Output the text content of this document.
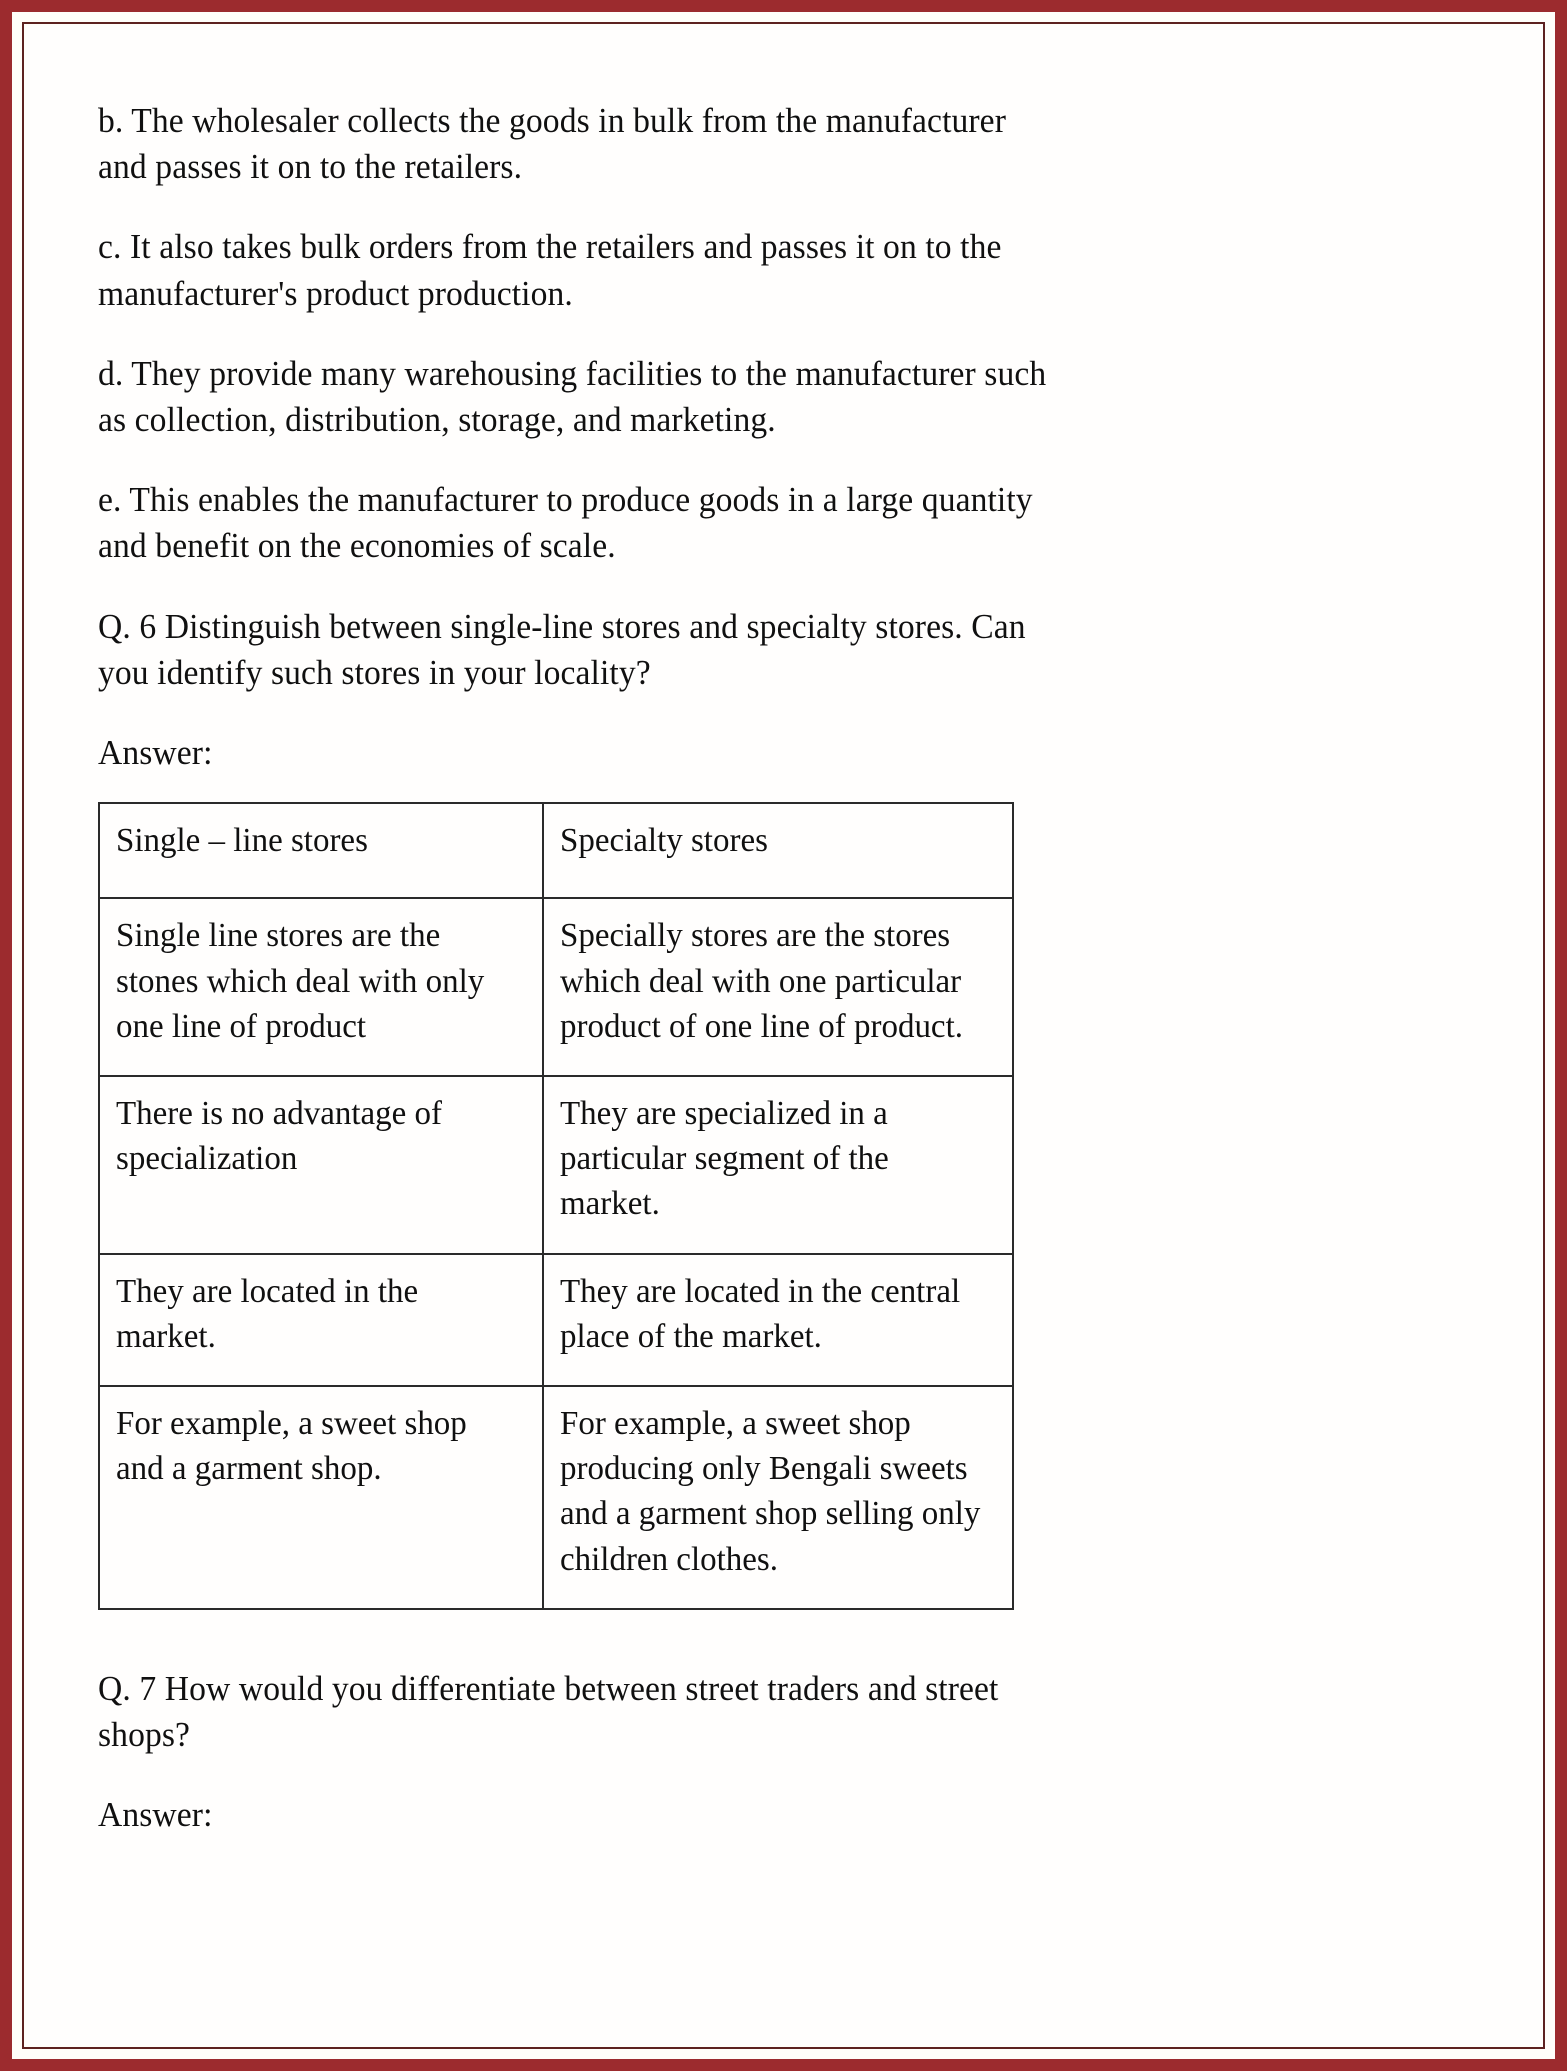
b. The wholesaler collects the goods in bulk from the manufacturer and passes it on to the retailers.

c. It also takes bulk orders from the retailers and passes it on to the manufacturer's product production.

d. They provide many warehousing facilities to the manufacturer such as collection, distribution, storage, and marketing.

e. This enables the manufacturer to produce goods in a large quantity and benefit on the economies of scale.

Q. 6 Distinguish between single-line stores and specialty stores. Can you identify such stores in your locality?

Answer:

Single – line stores	Specialty stores

Single line stores are the stones which deal with only one line of product	Specially stores are the stores which deal with one particular product of one line of product.

There is no advantage of specialization	They are specialized in a particular segment of the market.

They are located in the market.	They are located in the central place of the market.

For example, a sweet shop and a garment shop.	For example, a sweet shop producing only Bengali sweets and a garment shop selling only children clothes.

Q. 7 How would you differentiate between street traders and street shops?

Answer:
